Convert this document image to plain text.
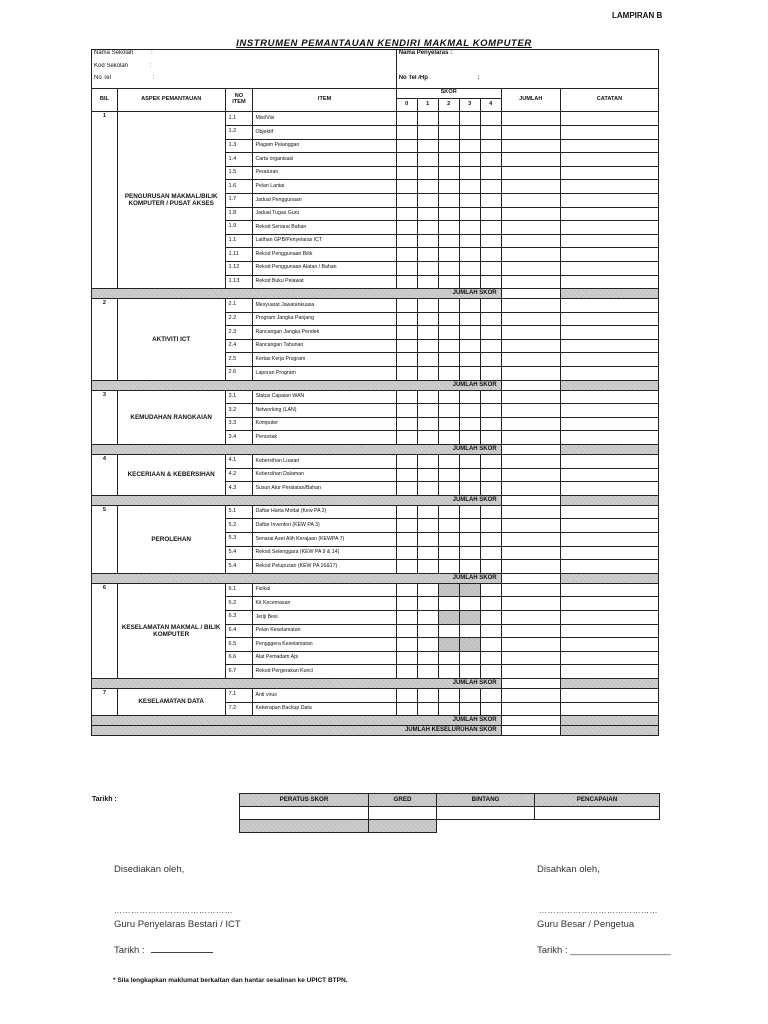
LAMPIRAN B
INSTRUMEN PEMANTAUAN KENDIRI MAKMAL KOMPUTER
Nama Sekolah :				Nama Penyelaras :						
Kod Sekolah :										
No Tel :				No Tel /Hp :						
BIL	ASPEK PEMANTAUAN	NO ITEM	ITEM	SKOR					JUMLAH	CATATAN
				0	1	2	3	4		
1	PENGURUSAN MAKMAL/BILIK KOMPUTER / PUSAT AKSES	1.1	Misi/Visi							
		1.2	Objektif							
		1.3	Piagam Pelanggan							
		1.4	Carta organisasi							
		1.5	Peraturan							
		1.6	Pelan Lantai							
		1.7	Jadual Penggunaan							
		1.8	Jadual Tugas Guru							
		1.9	Rekod Senarai Bahan							
		1.1	Latihan GPB/Penyelaras ICT							
		1.11	Rekod Penggunaan Bilik							
		1.12	Rekod Penggunaan Alatan / Bahan							
		1.13	Rekod Buku Pelawat							
JUMLAH SKOR										
2	AKTIVITI ICT	2.1	Mesyuarat Jawatankuasa							
		2.2	Program Jangka Panjang							
		2.3	Rancangan Jangka Pendek							
		2.4	Rancangan Tahunan							
		2.5	Kertas Kerja Program							
		2.6	Laporan Program							
JUMLAH SKOR										
3	KEMUDAHAN RANGKAIAN	3.1	Status Capaian WAN							
		3.2	Networking (LAN)							
		3.3	Komputer							
		3.4	Pencetak							
JUMLAH SKOR										
4	KECERIAAN & KEBERSIHAN	4.1	Kebersihan Luaran							
		4.2	Kebersihan Dalaman							
		4.3	Susun Atur Peralatan/Bahan							
JUMLAH SKOR										
5	PEROLEHAN	5.1	Daftar Harta Modal (Kew PA 2)							
		5.2	Daftar Inventori (KEW PA 3)							
		5.3	Senarai Aset Alih Kerajaan (KEWPA 7)							
		5.4	Rekod Selenggara (KEW PA 9 & 14)							
		5.4	Rekod Pelupusan (KEW PA 16&17)							
JUMLAH SKOR										
6	KESELAMATAN MAKMAL / BILIK KOMPUTER	6.1	Fizikal							
		6.2	Kit Kecemasan							
		6.3	Jeriji Besi							
		6.4	Pelan Keselamatan							
		6.5	Pengggera Keselamatan							
		6.6	Alat Pemadam Api							
		6.7	Rekod Pergerakan Kunci							
JUMLAH SKOR										
7	KESELAMATAN DATA	7.1	Anti virus							
		7.2	Kekerapan Backup Data							
JUMLAH SKOR										
JUMLAH KESELURUHAN SKOR										
Tarikh :	PERATUS SKOR	GRED	BINTANG	PENCAPAIAN

Disediakan oleh,	Disahkan oleh,
……………………………………	……………………………………
Guru Penyelaras Bestari / ICT	Guru Besar / Pengetua
Tarikh :	Tarikh : ___________________
* Sila lengkapkan maklumat berkaitan dan hantar sesalinan ke UPICT BTPN.
